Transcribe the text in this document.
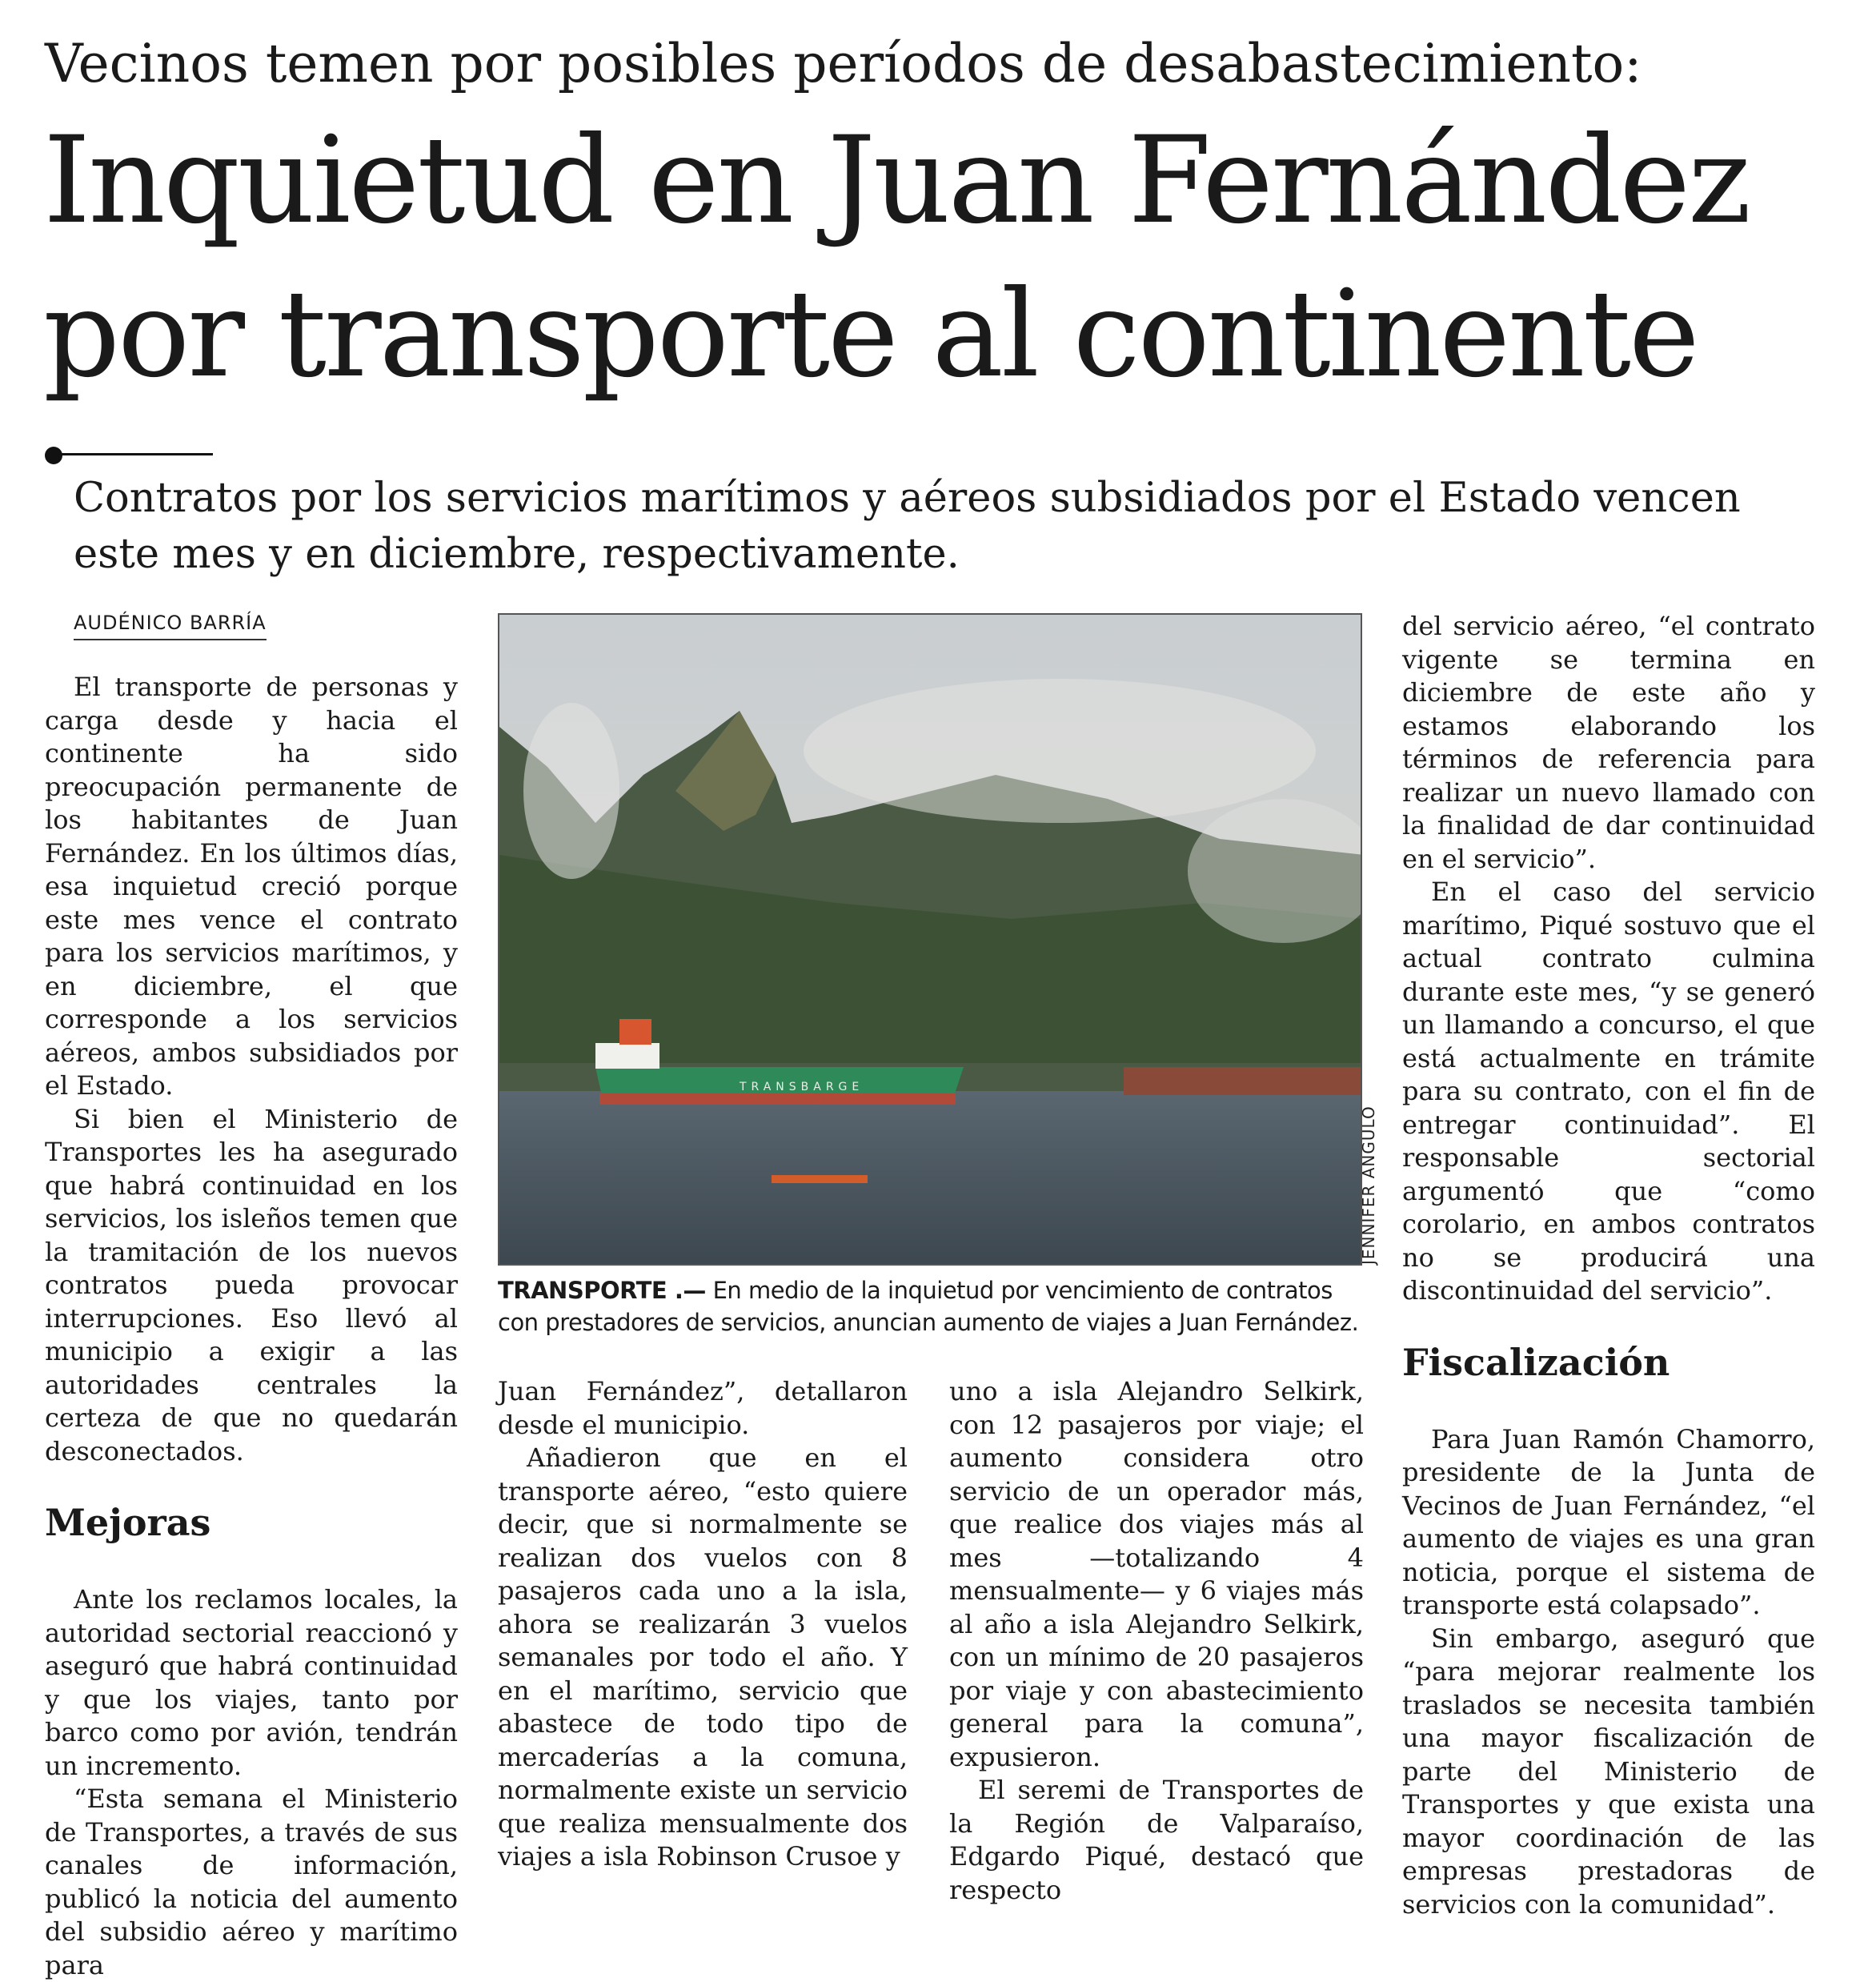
Vecinos temen por posibles períodos de desabastecimiento:
Inquietud en Juan Fernández
por transporte al continente

Contratos por los servicios marítimos y aéreos subsidiados por el Estado vencen este mes y en diciembre, respectivamente.

AUDÉNICO BARRÍA

El transporte de personas y carga desde y hacia el continente ha sido preocupación permanente de los habitantes de Juan Fernández. En los últimos días, esa inquietud creció porque este mes vence el contrato para los servicios marítimos, y en diciembre, el que corresponde a los servicios aéreos, ambos subsidiados por el Estado.

Si bien el Ministerio de Transportes les ha asegurado que habrá continuidad en los servicios, los isleños temen que la tramitación de los nuevos contratos pueda provocar interrupciones. Eso llevó al municipio a exigir a las autoridades centrales la certeza de que no quedarán desconectados.

Mejoras

Ante los reclamos locales, la autoridad sectorial reaccionó y aseguró que habrá continuidad y que los viajes, tanto por barco como por avión, tendrán un incremento.

“Esta semana el Ministerio de Transportes, a través de sus canales de información, publicó la noticia del aumento del subsidio aéreo y marítimo para

TRANSBARGE
JENNIFER ANGULO
TRANSPORTE .— En medio de la inquietud por vencimiento de contratos con prestadores de servicios, anuncian aumento de viajes a Juan Fernández.

Juan Fernández”, detallaron desde el municipio.

Añadieron que en el transporte aéreo, “esto quiere decir, que si normalmente se realizan dos vuelos con 8 pasajeros cada uno a la isla, ahora se realizarán 3 vuelos semanales por todo el año. Y en el marítimo, servicio que abastece de todo tipo de mercaderías a la comuna, normalmente existe un servicio que realiza mensualmente dos viajes a isla Robinson Crusoe y

uno a isla Alejandro Selkirk, con 12 pasajeros por viaje; el aumento considera otro servicio de un operador más, que realice dos viajes más al mes —totalizando 4 mensualmente— y 6 viajes más al año a isla Alejandro Selkirk, con un mínimo de 20 pasajeros por viaje y con abastecimiento general para la comuna”, expusieron.

El seremi de Transportes de la Región de Valparaíso, Edgardo Piqué, destacó que respecto

del servicio aéreo, “el contrato vigente se termina en diciembre de este año y estamos elaborando los términos de referencia para realizar un nuevo llamado con la finalidad de dar continuidad en el servicio”.

En el caso del servicio marítimo, Piqué sostuvo que el actual contrato culmina durante este mes, “y se generó un llamando a concurso, el que está actualmente en trámite para su contrato, con el fin de entregar continuidad”. El responsable sectorial argumentó que “como corolario, en ambos contratos no se producirá una discontinuidad del servicio”.

Fiscalización

Para Juan Ramón Chamorro, presidente de la Junta de Vecinos de Juan Fernández, “el aumento de viajes es una gran noticia, porque el sistema de transporte está colapsado”.

Sin embargo, aseguró que “para mejorar realmente los traslados se necesita también una mayor fiscalización de parte del Ministerio de Transportes y que exista una mayor coordinación de las empresas prestadoras de servicios con la comunidad”.
